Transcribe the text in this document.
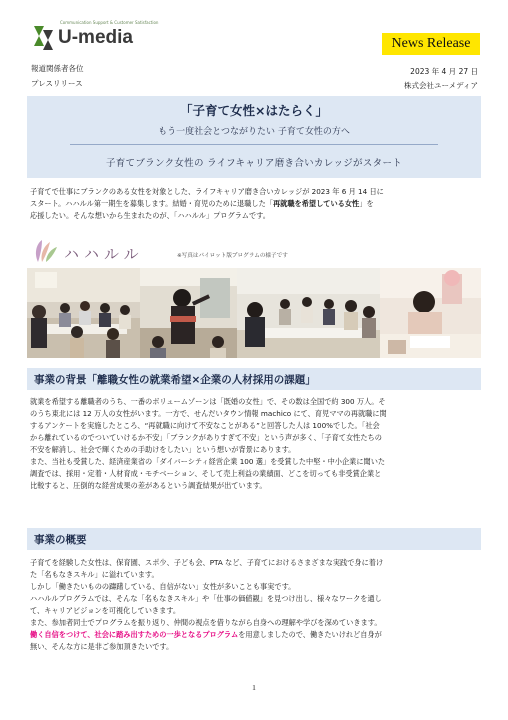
Communication Support & Customer Satisfaction
U-media	News Release
報道関係者各位
プレスリリース
2023 年 4 月 27 日
株式会社ユーメディア
「子育て女性×はたらく」
もう一度社会とつながりたい 子育て女性の方へ
子育てブランク女性の ライフキャリア磨き合いカレッジがスタート

子育てで仕事にブランクのある女性を対象とした、ライフキャリア磨き合いカレッジが 2023 年 6 月 14 日に

スタート。ハハルル第一期生を募集します。結婚・育児のために退職した「再就職を希望している女性」を

応援したい。そんな想いから生まれたのが、「ハハルル」プログラムです。

ハハルル	※写真はパイロット版プログラムの様子です
事業の背景「離職女性の就業希望×企業の人材採用の課題」

就業を希望する離職者のうち、一番のボリュームゾーンは「既婚の女性」で、その数は全国で約 300 万人。そ

のうち東北には 12 万人の女性がいます。一方で、せんだいタウン情報 machico にて、育児ママの再就職に関

するアンケートを実施したところ、“再就職に向けて不安なことがある”と回答した人は 100%でした。「社会

から離れているのでついていけるか不安」「ブランクがありすぎて不安」という声が多く、「子育て女性たちの

不安を解消し、社会で輝くための手助けをしたい」という想いが背景にあります。

また、当社も受賞した、経済産業省の「ダイバーシティ経営企業 100 選」を受賞した中堅・中小企業に聞いた

調査では、採用・定着・人材育成・モチベーション、そして売上利益の業績面、どこを切っても非受賞企業と

比較すると、圧倒的な経営成果の差があるという調査結果が出ています。

事業の概要

子育てを経験した女性は、保育園、スポ少、子ども会、PTA など、子育てにおけるさまざまな実践で身に着け

た「名もなきスキル」に溢れています。

しかし「働きたいものの躊躇している、自信がない」女性が多いことも事実です。

ハハルルプログラムでは、そんな「名もなきスキル」や「仕事の価値観」を見つけ出し、様々なワークを通し

て、キャリアビジョンを可視化していきます。

また、参加者同士でプログラムを振り返り、仲間の視点を借りながら自身への理解や学びを深めていきます。

働く自信をつけて、社会に踏み出すための一歩となるプログラムを用意しましたので、働きたいけれど自身が

無い、そんな方に是非ご参加頂きたいです。

1
